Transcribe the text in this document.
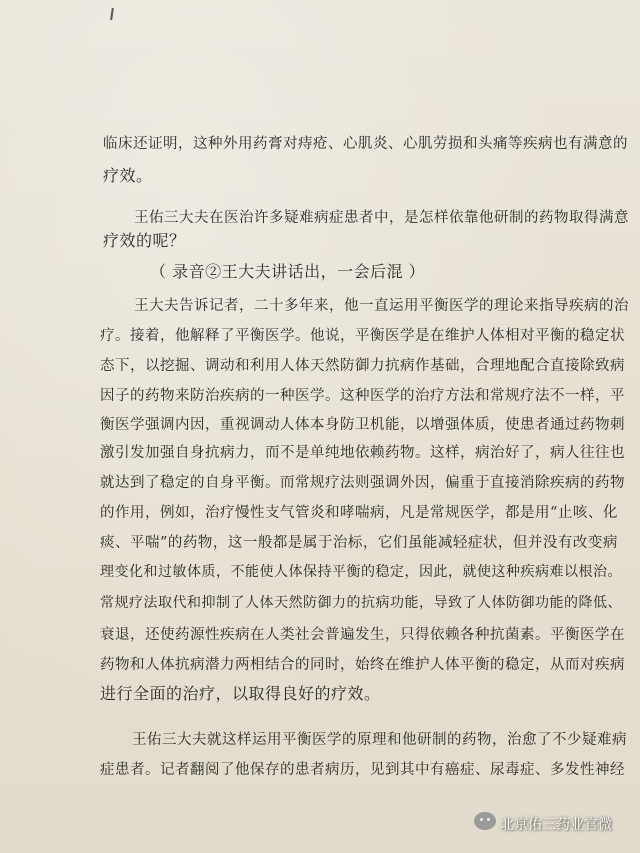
临床还证明，这种外用药膏对痔疮、心肌炎、心肌劳损和头痛等疾病也有满意的
疗效。
王佑三大夫在医治许多疑难病症患者中，是怎样依靠他研制的药物取得满意
疗效的呢？
（ 录音②王大夫讲话出，一会后混 ）
王大夫告诉记者，二十多年来，他一直运用平衡医学的理论来指导疾病的治
疗。接着，他解释了平衡医学。他说，平衡医学是在维护人体相对平衡的稳定状
态下，以挖掘、调动和利用人体天然防御力抗病作基础，合理地配合直接除致病
因子的药物来防治疾病的一种医学。这种医学的治疗方法和常规疗法不一样，平
衡医学强调内因，重视调动人体本身防卫机能，以增强体质，使患者通过药物刺
激引发加强自身抗病力，而不是单纯地依赖药物。这样，病治好了，病人往往也
就达到了稳定的自身平衡。而常规疗法则强调外因，偏重于直接消除疾病的药物
的作用，例如，治疗慢性支气管炎和哮喘病，凡是常规医学，都是用“止咳、化
痰、平喘”的药物，这一般都是属于治标，它们虽能减轻症状，但并没有改变病
理变化和过敏体质，不能使人体保持平衡的稳定，因此，就使这种疾病难以根治。
常规疗法取代和抑制了人体天然防御力的抗病功能，导致了人体防御功能的降低、
衰退，还使药源性疾病在人类社会普遍发生，只得依赖各种抗菌素。平衡医学在
药物和人体抗病潜力两相结合的同时，始终在维护人体平衡的稳定，从而对疾病
进行全面的治疗，以取得良好的疗效。
王佑三大夫就这样运用平衡医学的原理和他研制的药物，治愈了不少疑难病
症患者。记者翻阅了他保存的患者病历，见到其中有癌症、尿毒症、多发性神经
北京佑三药业官微
